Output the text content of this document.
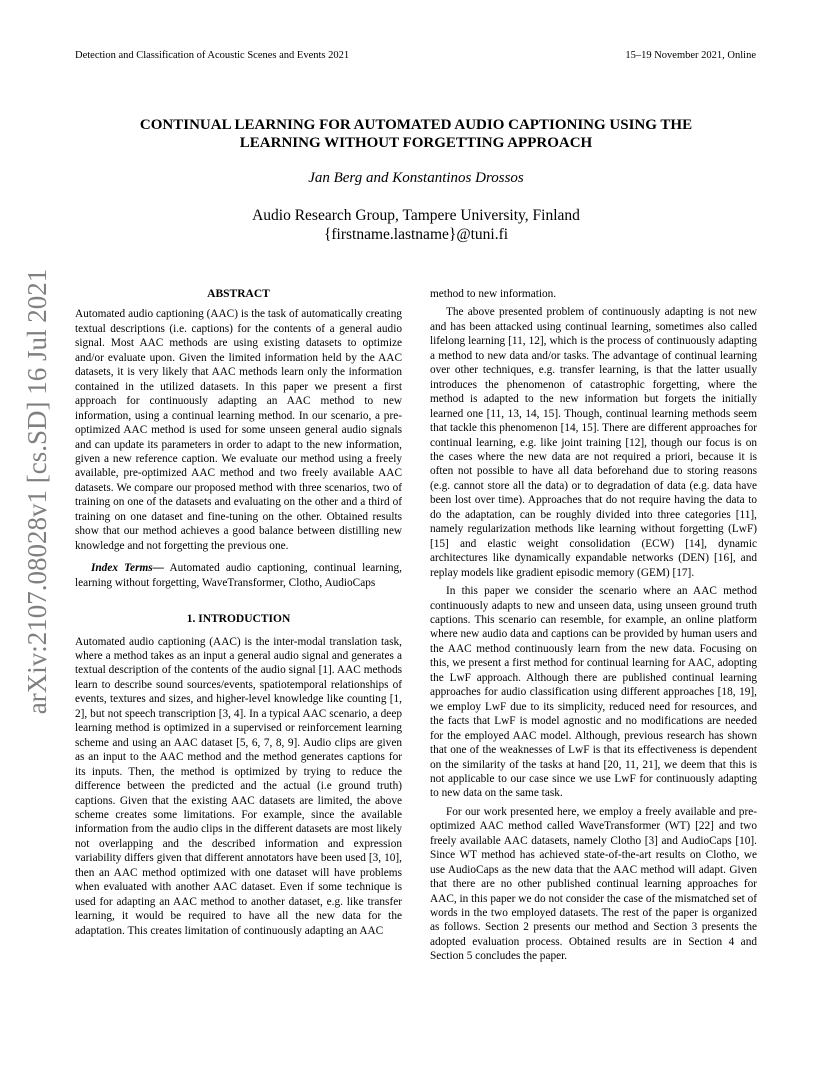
Detection and Classification of Acoustic Scenes and Events 2021	15–19 November 2021, Online
CONTINUAL LEARNING FOR AUTOMATED AUDIO CAPTIONING USING THE
LEARNING WITHOUT FORGETTING APPROACH
Jan Berg and Konstantinos Drossos
Audio Research Group, Tampere University, Finland
{firstname.lastname}@tuni.fi
arXiv:2107.08028v1 [cs.SD] 16 Jul 2021	ABSTRACT

Automated audio captioning (AAC) is the task of automatically creating textual descriptions (i.e. captions) for the contents of a general audio signal. Most AAC methods are using existing datasets to optimize and/or evaluate upon. Given the limited information held by the AAC datasets, it is very likely that AAC methods learn only the information contained in the utilized datasets. In this paper we present a first approach for continuously adapting an AAC method to new information, using a continual learning method. In our scenario, a pre-optimized AAC method is used for some unseen general audio signals and can update its parameters in order to adapt to the new information, given a new reference caption. We evaluate our method using a freely available, pre-optimized AAC method and two freely available AAC datasets. We compare our proposed method with three scenarios, two of training on one of the datasets and evaluating on the other and a third of training on one dataset and fine-tuning on the other. Obtained results show that our method achieves a good balance between distilling new knowledge and not forgetting the previous one.

Index Terms— Automated audio captioning, continual learning, learning without forgetting, WaveTransformer, Clotho, AudioCaps

1. INTRODUCTION

Automated audio captioning (AAC) is the inter-modal translation task, where a method takes as an input a general audio signal and generates a textual description of the contents of the audio signal [1]. AAC methods learn to describe sound sources/events, spatiotemporal relationships of events, textures and sizes, and higher-level knowledge like counting [1, 2], but not speech transcription [3, 4]. In a typical AAC scenario, a deep learning method is optimized in a supervised or reinforcement learning scheme and using an AAC dataset [5, 6, 7, 8, 9]. Audio clips are given as an input to the AAC method and the method generates captions for its inputs. Then, the method is optimized by trying to reduce the difference between the predicted and the actual (i.e ground truth) captions. Given that the existing AAC datasets are limited, the above scheme creates some limitations. For example, since the available information from the audio clips in the different datasets are most likely not overlapping and the described information and expression variability differs given that different annotators have been used [3, 10], then an AAC method optimized with one dataset will have problems when evaluated with another AAC dataset. Even if some technique is used for adapting an AAC method to another dataset, e.g. like transfer learning, it would be required to have all the new data for the adaptation. This creates limitation of continuously adapting an AAC

method to new information.

The above presented problem of continuously adapting is not new and has been attacked using continual learning, sometimes also called lifelong learning [11, 12], which is the process of continuously adapting a method to new data and/or tasks. The advantage of continual learning over other techniques, e.g. transfer learning, is that the latter usually introduces the phenomenon of catastrophic forgetting, where the method is adapted to the new information but forgets the initially learned one [11, 13, 14, 15]. Though, continual learning methods seem that tackle this phenomenon [14, 15]. There are different approaches for continual learning, e.g. like joint training [12], though our focus is on the cases where the new data are not required a priori, because it is often not possible to have all data beforehand due to storing reasons (e.g. cannot store all the data) or to degradation of data (e.g. data have been lost over time). Approaches that do not require having the data to do the adaptation, can be roughly divided into three categories [11], namely regularization methods like learning without forgetting (LwF) [15] and elastic weight consolidation (ECW) [14], dynamic architectures like dynamically expandable networks (DEN) [16], and replay models like gradient episodic memory (GEM) [17].

In this paper we consider the scenario where an AAC method continuously adapts to new and unseen data, using unseen ground truth captions. This scenario can resemble, for example, an online platform where new audio data and captions can be provided by human users and the AAC method continuously learn from the new data. Focusing on this, we present a first method for continual learning for AAC, adopting the LwF approach. Although there are published continual learning approaches for audio classification using different approaches [18, 19], we employ LwF due to its simplicity, reduced need for resources, and the facts that LwF is model agnostic and no modifications are needed for the employed AAC model. Although, previous research has shown that one of the weaknesses of LwF is that its effectiveness is dependent on the similarity of the tasks at hand [20, 11, 21], we deem that this is not applicable to our case since we use LwF for continuously adapting to new data on the same task.

For our work presented here, we employ a freely available and pre-optimized AAC method called WaveTransformer (WT) [22] and two freely available AAC datasets, namely Clotho [3] and AudioCaps [10]. Since WT method has achieved state-of-the-art results on Clotho, we use AudioCaps as the new data that the AAC method will adapt. Given that there are no other published continual learning approaches for AAC, in this paper we do not consider the case of the mismatched set of words in the two employed datasets. The rest of the paper is organized as follows. Section 2 presents our method and Section 3 presents the adopted evaluation process. Obtained results are in Section 4 and Section 5 concludes the paper.
